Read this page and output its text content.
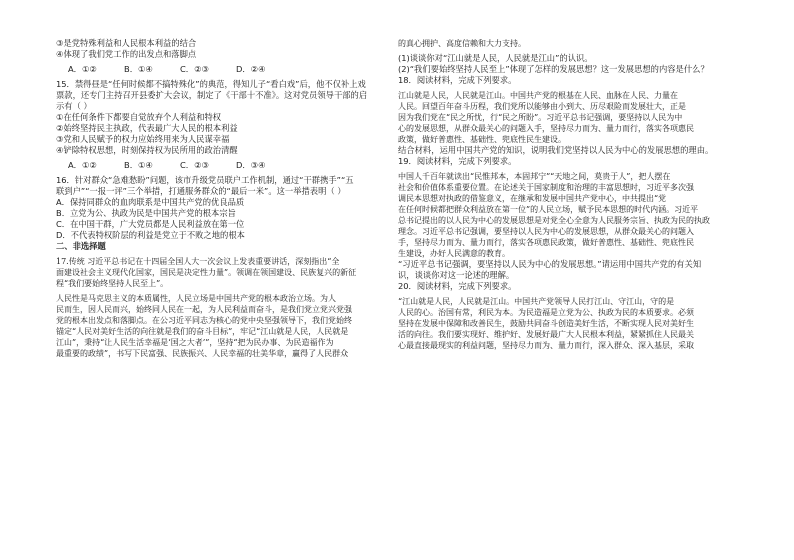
③是党特殊利益和人民根本利益的结合
④体现了我们党工作的出发点和落脚点
A．①②	B．①④	C．②③	D．②④
15．禁得昼是“任何时候都不搞特殊化”的典范，得知儿子“看白戏”后，他不仅补上戏
票款，还专门主持召开县委扩大会议，制定了《干部十不准》。这对党员领导干部的启
示有（ ）
①在任何条件下都要自觉放弃个人利益和特权
②始终坚持民主执政，代表最广大人民的根本利益
③党和人民赋予的权力应始终用来为人民谋幸福
④铲除特权思想，时刻保持权为民所用的政治清醒
A．①②	B．①④	C．②③	D．③④
16．针对群众“急难愁盼”问题，该市升级党员联户工作机制，通过“干群携手”“五
联到户”“一报一评”三个举措，打通服务群众的“最后一米”。这一举措表明（ ）
A．保持同群众的血肉联系是中国共产党的优良品质
B．立党为公、执政为民是中国共产党的根本宗旨
C．在中国干群，广大党员都是人民利益放在第一位
D．不代表特权阶层的利益是党立于不败之地的根本
二、非选择题
17.传统 习近平总书记在十四届全国人大一次会议上发表重要讲话，深刻指出“全
面建设社会主义现代化国家，国民是决定性力量”。领调在领国建设、民族复兴的新征
程“我们要始终坚持人民至上”。
人民性是马克思主义的本质属性，人民立场是中国共产党的根本政治立场。为人
民而生，因人民而兴，始终同人民在一起，为人民利益而奋斗，是我们党立党兴党强
党的根本出发点和落脚点。在公习近平同志为核心的党中央坚强领导下，我们党始终
锚定“人民对美好生活的向往就是我们的奋斗目标”，牢记“江山就是人民，人民就是
江山”，秉持“让人民生活幸福是‘国之大者’”，坚持“把为民办事、为民造福作为
最重要的政绩”，书写下民富强、民族振兴、人民幸福的壮美华章，赢得了人民群众
的真心拥护、高度信赖和大力支持。
(1)谈谈你对“江山就是人民，人民就是江山”的认识。
(2)“我们要始终坚持人民至上”体现了怎样的发展思想？这一发展思想的内容是什么？
18．阅读材料，完成下列要求。
江山就是人民，人民就是江山。中国共产党的根基在人民、血脉在人民、力量在
人民。回望百年奋斗历程，我们党所以能够由小到大、历尽艰险而发展壮大，正是
因为我们党在“民之所忧，行“民之所盼”。习近平总书记强调，要坚持以人民为中
心的发展思想，从群众最关心的问题入手，坚持尽力而为、量力而行，落实各项惠民
政策，做好普惠性、基础性、兜底性民生建设。
结合材料，运用中国共产党的知识，说明我们党坚持以人民为中心的发展思想的理由。
19．阅读材料，完成下列要求。
中国人千百年就读出“民惟邦本，本固邦宁”“天地之间，莫贵于人”，把人摆在
社会和价值体系重要位置。在论述关于国家制度和治理的丰富思想时，习近平多次强
调民本思想对执政的借鉴意义，在继承和发展中国共产党中心，中共提出“党
在任何时候都把群众利益放在第一位”的人民立场，赋予民本思想的时代内涵。习近平
总书记提出的以人民为中心的发展思想是对党全心全意为人民服务宗旨、执政为民的执政
理念。习近平总书记强调，要坚持以人民为中心的发展思想，从群众最关心的问题入
手，坚持尽力而为、量力而行，落实各项惠民政策，做好普惠性、基础性、兜底性民
生建设，办好人民满意的教育。
“习近平总书记强调，要坚持以人民为中心的发展思想。”请运用中国共产党的有关知
识，谈谈你对这一论述的理解。
20．阅读材料，完成下列要求。
“江山就是人民，人民就是江山。中国共产党领导人民打江山、守江山，守的是
人民的心。治国有常，利民为本。为民造福是立党为公、执政为民的本质要求。必须
坚持在发展中保障和改善民生，鼓励共同奋斗创造美好生活，不断实现人民对美好生
活的向往。我们要实现好、维护好、发展好最广大人民根本利益，紧紧抓住人民最关
心最直接最现实的利益问题，坚持尽力而为、量力而行，深入群众、深入基层，采取
